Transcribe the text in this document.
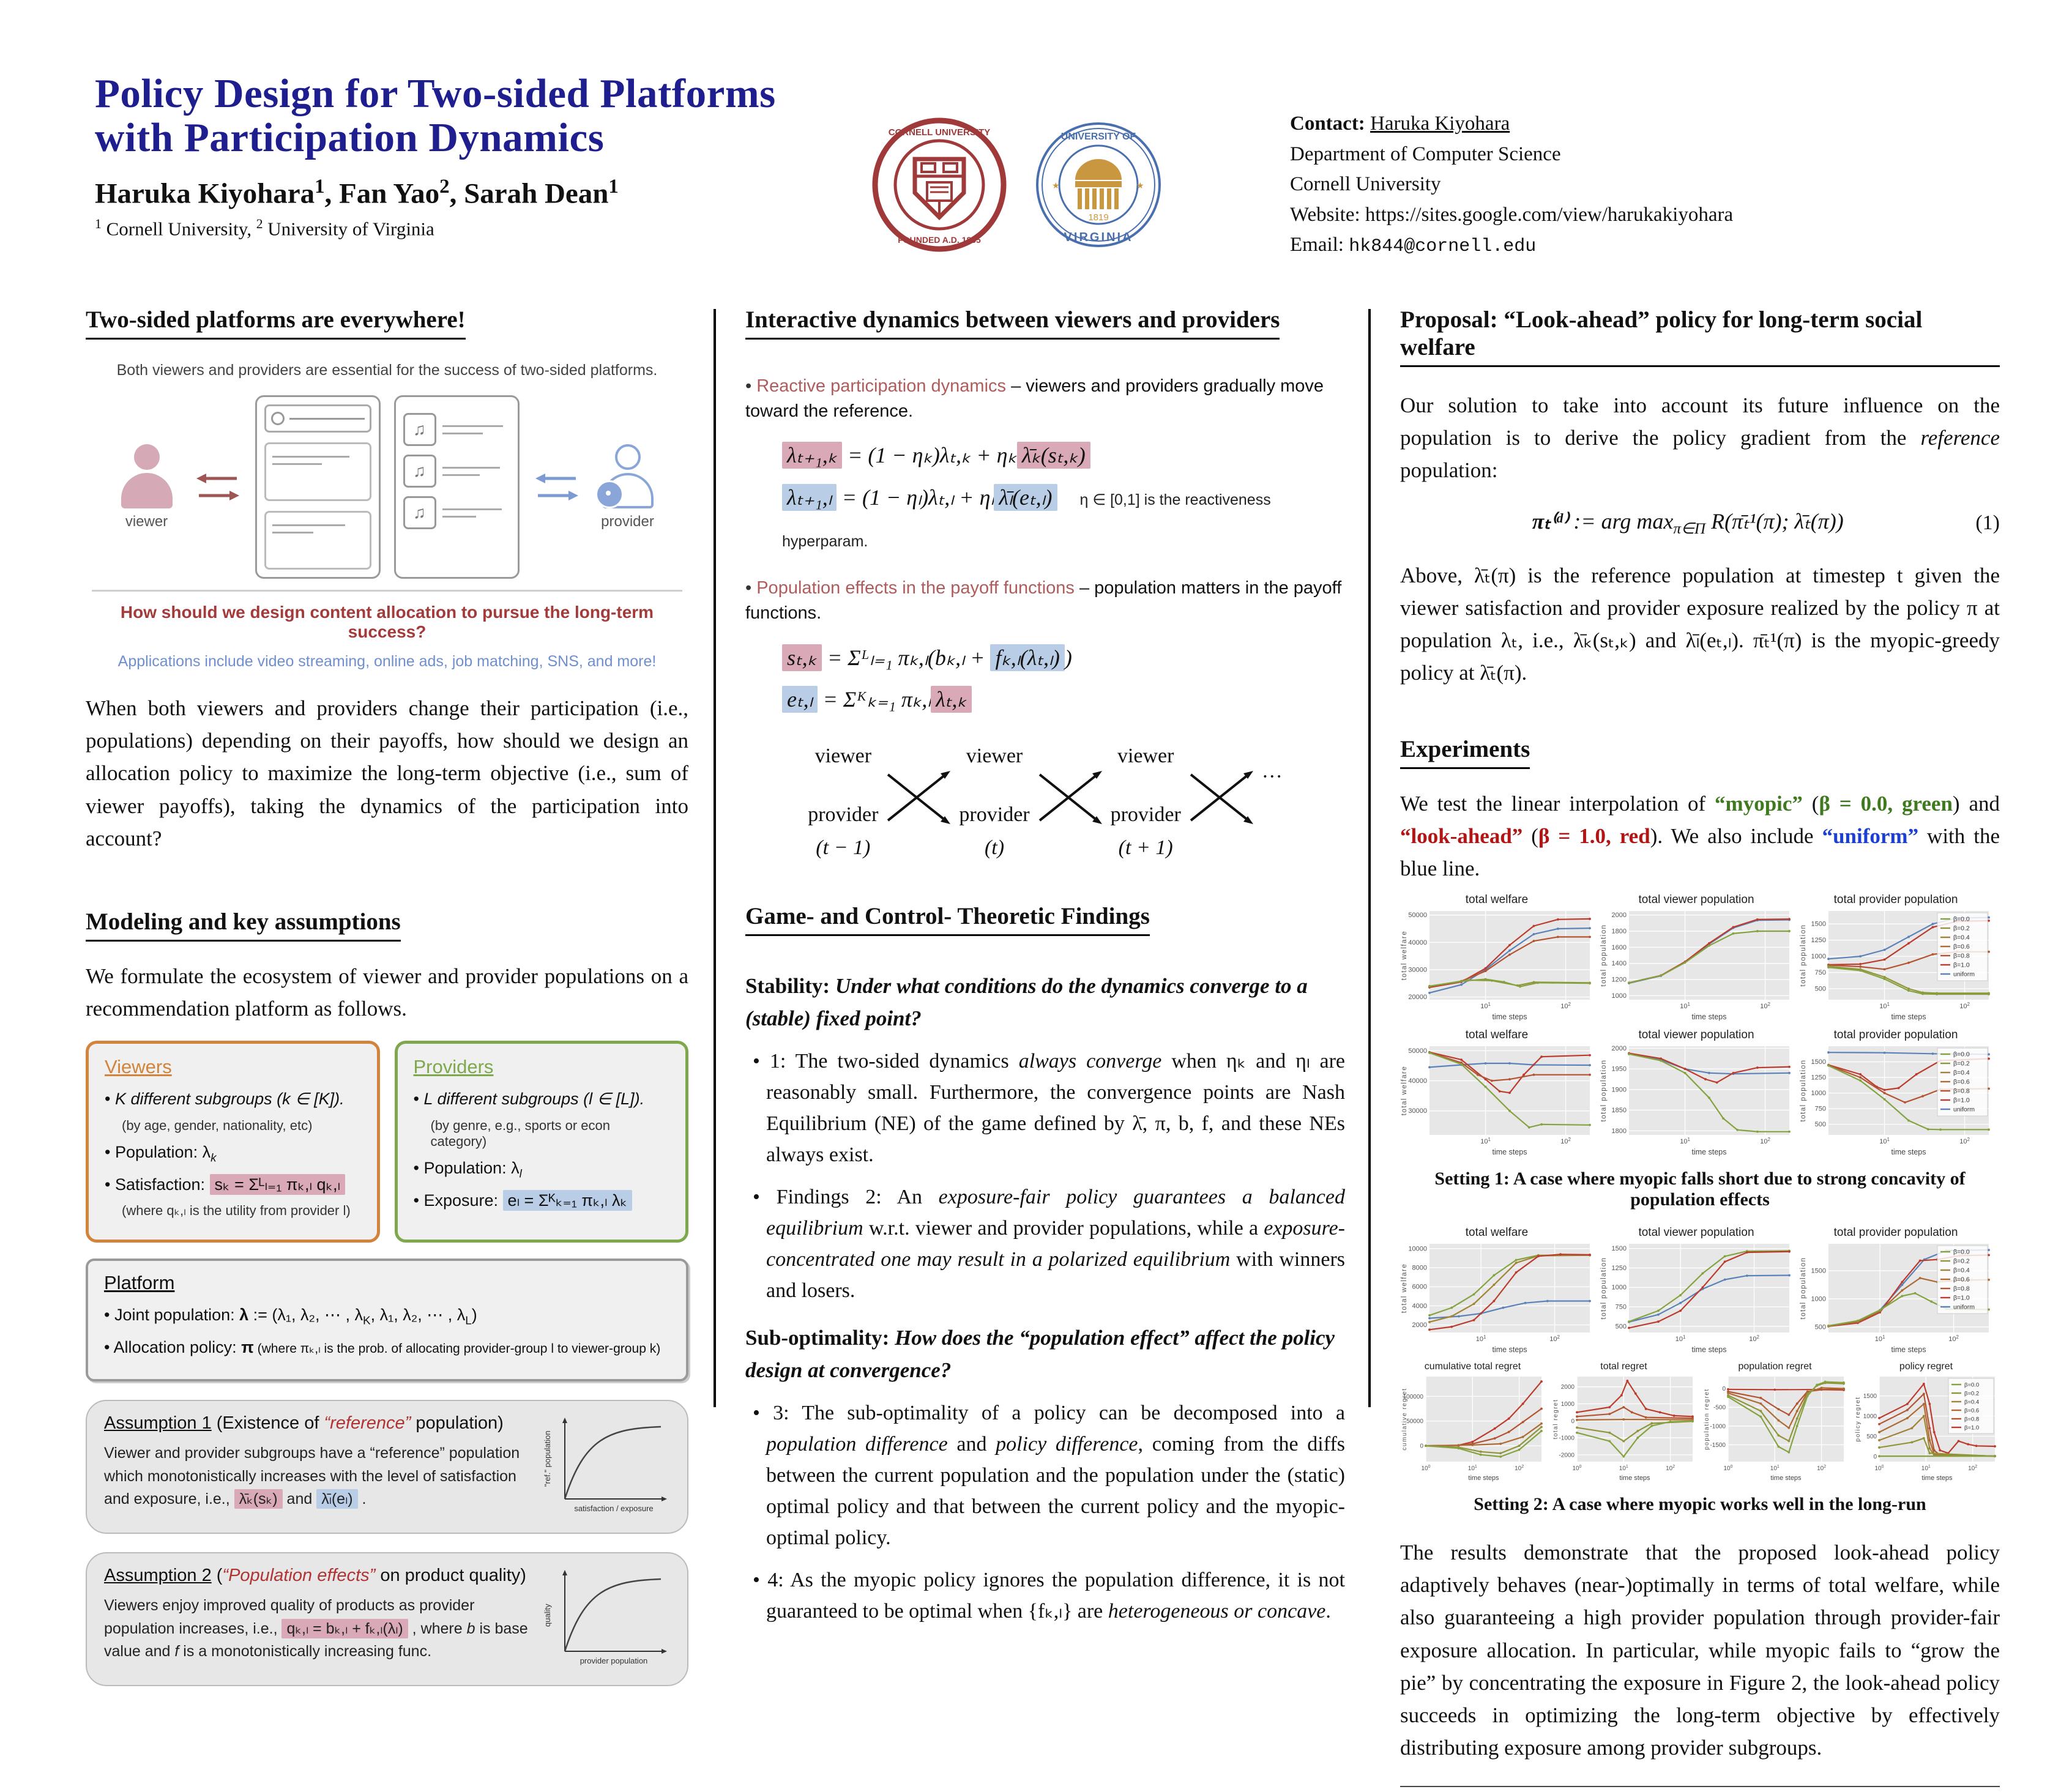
Policy Design for Two-sided Platforms
with Participation Dynamics
Haruka Kiyohara$^1$, Fan Yao$^2$, Sarah Dean$^1$
$^1$ Cornell University, $^2$ University of Virginia
CORNELL UNIVERSITY
FOUNDED A.D. 1865
UNIVERSITY OF
VIRGINIA
1819
★	★
Contact: Haruka Kiyohara
Department of Computer Science
Cornell University
Website: https://sites.google.com/view/harukakiyohara
Email: hk844@cornell.edu
Two-sided platforms are everywhere!
Both viewers and providers are essential for the success of two-sided platforms.
viewer
♫
♫
♫	provider
How should we design content allocation to pursue the long-term success?
Applications include video streaming, online ads, job matching, SNS, and more!

When both viewers and providers change their participation (i.e., populations) depending on their payoffs, how should we design an allocation policy to maximize the long-term objective (i.e., sum of viewer payoffs), taking the dynamics of the participation into account?

Modeling and key assumptions

We formulate the ecosystem of viewer and provider populations on a recommendation platform as follows.

Viewers
• K different subgroups (k ∈ [K]).
(by age, gender, nationality, etc)
• Population: $\lambda_k$
• Satisfaction: sₖ = Σᴸₗ₌₁ πₖ,ₗ qₖ,ₗ
(where qₖ,ₗ is the utility from provider l)
Providers
• L different subgroups (l ∈ [L]).
(by genre, e.g., sports or econ category)
• Population: $\lambda_l$
• Exposure: eₗ = Σᴷₖ₌₁ πₖ,ₗ λₖ
Platform
• Joint population: λ := (λ₁, λ₂, ⋯ , $\lambda_K$, λ₁, λ₂, ⋯ , $\lambda_L$)
• Allocation policy: π (where πₖ,ₗ is the prob. of allocating provider-group l to viewer-group k)
Assumption 1 (Existence of “reference” population)
Viewer and provider subgroups have a “reference” population which monotonistically increases with the level of satisfaction and exposure, i.e., λ̄ₖ(sₖ) and λ̄ₗ(eₗ) .
"ref." population
satisfaction / exposure
Assumption 2 (“Population effects” on product quality)
Viewers enjoy improved quality of products as provider population increases, i.e., qₖ,ₗ = bₖ,ₗ + fₖ,ₗ(λₗ) , where b is base value and f is a monotonistically increasing func.
quality
provider population
Interactive dynamics between viewers and providers
• Reactive participation dynamics – viewers and providers gradually move toward the reference.
λₜ₊₁,ₖ = (1 − ηₖ)λₜ,ₖ + ηₖ λ̄ₖ(sₜ,ₖ)
λₜ₊₁,ₗ = (1 − ηₗ)λₜ,ₗ + ηₗ λ̄ₗ(eₜ,ₗ) η ∈ [0,1] is the reactiveness hyperparam.
• Population effects in the payoff functions – population matters in the payoff functions.
sₜ,ₖ = Σᴸₗ₌₁ πₖ,ₗ(bₖ,ₗ + fₖ,ₗ(λₜ,ₗ) )
eₜ,ₗ = Σᴷₖ₌₁ πₖ,ₗ λₜ,ₖ
viewer
provider
(t − 1)
viewer
provider
(t)
viewer
provider
(t + 1)
···
Game- and Control- Theoretic Findings
Stability: Under what conditions do the dynamics converge to a (stable) fixed point?
• 1: The two-sided dynamics always converge when ηₖ and ηₗ are reasonably small. Furthermore, the convergence points are Nash Equilibrium (NE) of the game defined by λ̄, π, b, f, and these NEs always exist.
• Findings 2: An exposure-fair policy guarantees a balanced equilibrium w.r.t. viewer and provider populations, while a exposure-concentrated one may result in a polarized equilibrium with winners and losers.
Sub-optimality: How does the “population effect” affect the policy design at convergence?
• 3: The sub-optimality of a policy can be decomposed into a population difference and policy difference, coming from the diffs between the current population and the population under the (static) optimal policy and that between the current policy and the myopic-optimal policy.
• 4: As the myopic policy ignores the population difference, it is not guaranteed to be optimal when {fₖ,ₗ} are heterogeneous or concave.
Proposal: “Look-ahead” policy for long-term social welfare

Our solution to take into account its future influence on the population is to derive the policy gradient from the reference population:

πₜ⁽ᵈ⁾ := arg $\max_{\pi\in\Pi}$ R(π̄ₜ¹(π); λ̄ₜ(π))	(1)

Above, λ̄ₜ(π) is the reference population at timestep t given the viewer satisfaction and provider exposure realized by the policy π at population λₜ, i.e., λ̄ₖ(sₜ,ₖ) and λ̄ₗ(eₜ,ₗ). π̄ₜ¹(π) is the myopic-greedy policy at λ̄ₜ(π).

Experiments

We test the linear interpolation of “myopic” (β = 0.0, green) and “look-ahead” (β = 1.0, red). We also include “uniform” with the blue line.

total welfare
20000
30000
40000
50000
$10^1$	$10^2$
total welfare
time steps
total viewer population
1000
1200
1400
1600
1800
2000
$10^1$	$10^2$
total population
time steps
total provider population
500
750
1000
1250
1500
$10^1$	$10^2$
total population
time steps
β=0.0
β=0.2
β=0.4
β=0.6
β=0.8
β=1.0
uniform
total welfare
30000
40000
50000
$10^1$	$10^2$
total welfare
time steps
total viewer population
1800
1850
1900
1950
2000
$10^1$	$10^2$
total population
time steps
total provider population
500
750
1000
1250
1500
$10^1$	$10^2$
total population
time steps
β=0.0
β=0.2
β=0.4
β=0.6
β=0.8
β=1.0
uniform
Setting 1: A case where myopic falls short due to strong concavity of population effects
total welfare
2000
4000
6000
8000
10000
$10^1$	$10^2$
total welfare
time steps
total viewer population
500
750
1000
1250
1500
$10^1$	$10^2$
total population
time steps
total provider population
500
1000
1500
$10^1$	$10^2$
total population
time steps
β=0.0
β=0.2
β=0.4
β=0.6
β=0.8
β=1.0
uniform
cumulative total regret
0
50000
100000
$10^0$	$10^1$	$10^2$
cumulative regret
time steps
total regret
-2000
-1000
0
1000
2000
$10^0$	$10^1$	$10^2$
total regret
time steps
population regret
-1500
-1000
-500
0
$10^0$	$10^1$	$10^2$
population regret
time steps
policy regret
0
500
1000
1500
$10^0$	$10^1$	$10^2$
policy regret
time steps
β=0.0
β=0.2
β=0.4
β=0.6
β=0.8
β=1.0
Setting 2: A case where myopic works well in the long-run

The results demonstrate that the proposed look-ahead policy adaptively behaves (near-)optimally in terms of total welfare, while also guaranteeing a high provider population through provider-fair exposure allocation. In particular, while myopic fails to “grow the pie” by concentrating the exposure in Figure 2, the look-ahead policy succeeds in optimizing the long-term objective by effectively distributing exposure among provider subgroups.
